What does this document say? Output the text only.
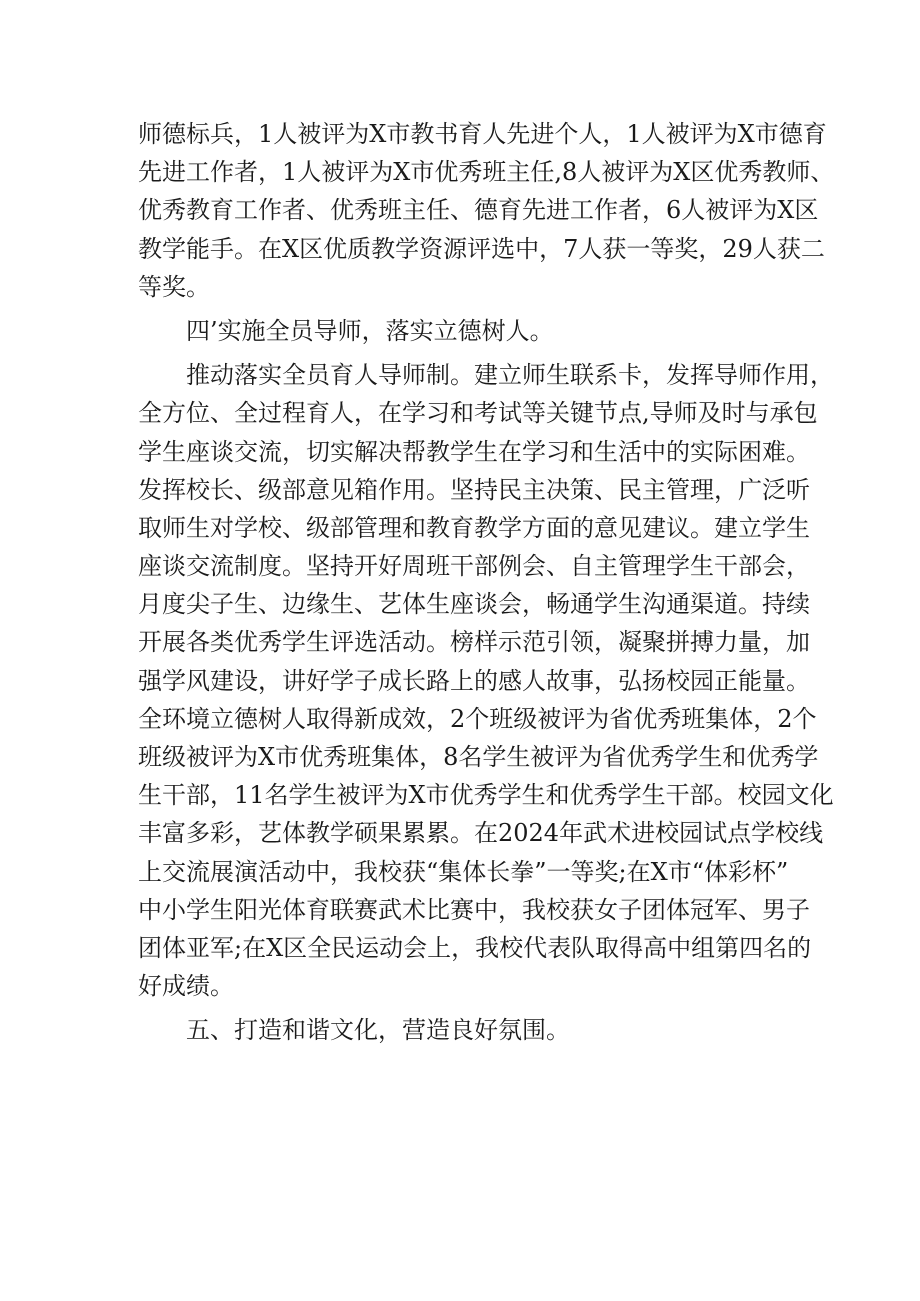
师德标兵，1人被评为X市教书育人先进个人，1人被评为X市德育
先进工作者，1人被评为X市优秀班主任,8人被评为X区优秀教师、
优秀教育工作者、优秀班主任、德育先进工作者，6人被评为X区
教学能手。在X区优质教学资源评选中，7人获一等奖，29人获二
等奖。
四’实施全员导师，落实立德树人。
推动落实全员育人导师制。建立师生联系卡，发挥导师作用，
全方位、全过程育人，在学习和考试等关键节点,导师及时与承包
学生座谈交流，切实解决帮教学生在学习和生活中的实际困难。
发挥校长、级部意见箱作用。坚持民主决策、民主管理，广泛听
取师生对学校、级部管理和教育教学方面的意见建议。建立学生
座谈交流制度。坚持开好周班干部例会、自主管理学生干部会，
月度尖子生、边缘生、艺体生座谈会，畅通学生沟通渠道。持续
开展各类优秀学生评选活动。榜样示范引领，凝聚拼搏力量，加
强学风建设，讲好学子成长路上的感人故事，弘扬校园正能量。
全环境立德树人取得新成效，2个班级被评为省优秀班集体，2个
班级被评为X市优秀班集体，8名学生被评为省优秀学生和优秀学
生干部，11名学生被评为X市优秀学生和优秀学生干部。校园文化
丰富多彩，艺体教学硕果累累。在2024年武术进校园试点学校线
上交流展演活动中，我校获“集体长拳”一等奖;在X市“体彩杯”
中小学生阳光体育联赛武术比赛中，我校获女子团体冠军、男子
团体亚军;在X区全民运动会上，我校代表队取得高中组第四名的
好成绩。
五、打造和谐文化，营造良好氛围。
